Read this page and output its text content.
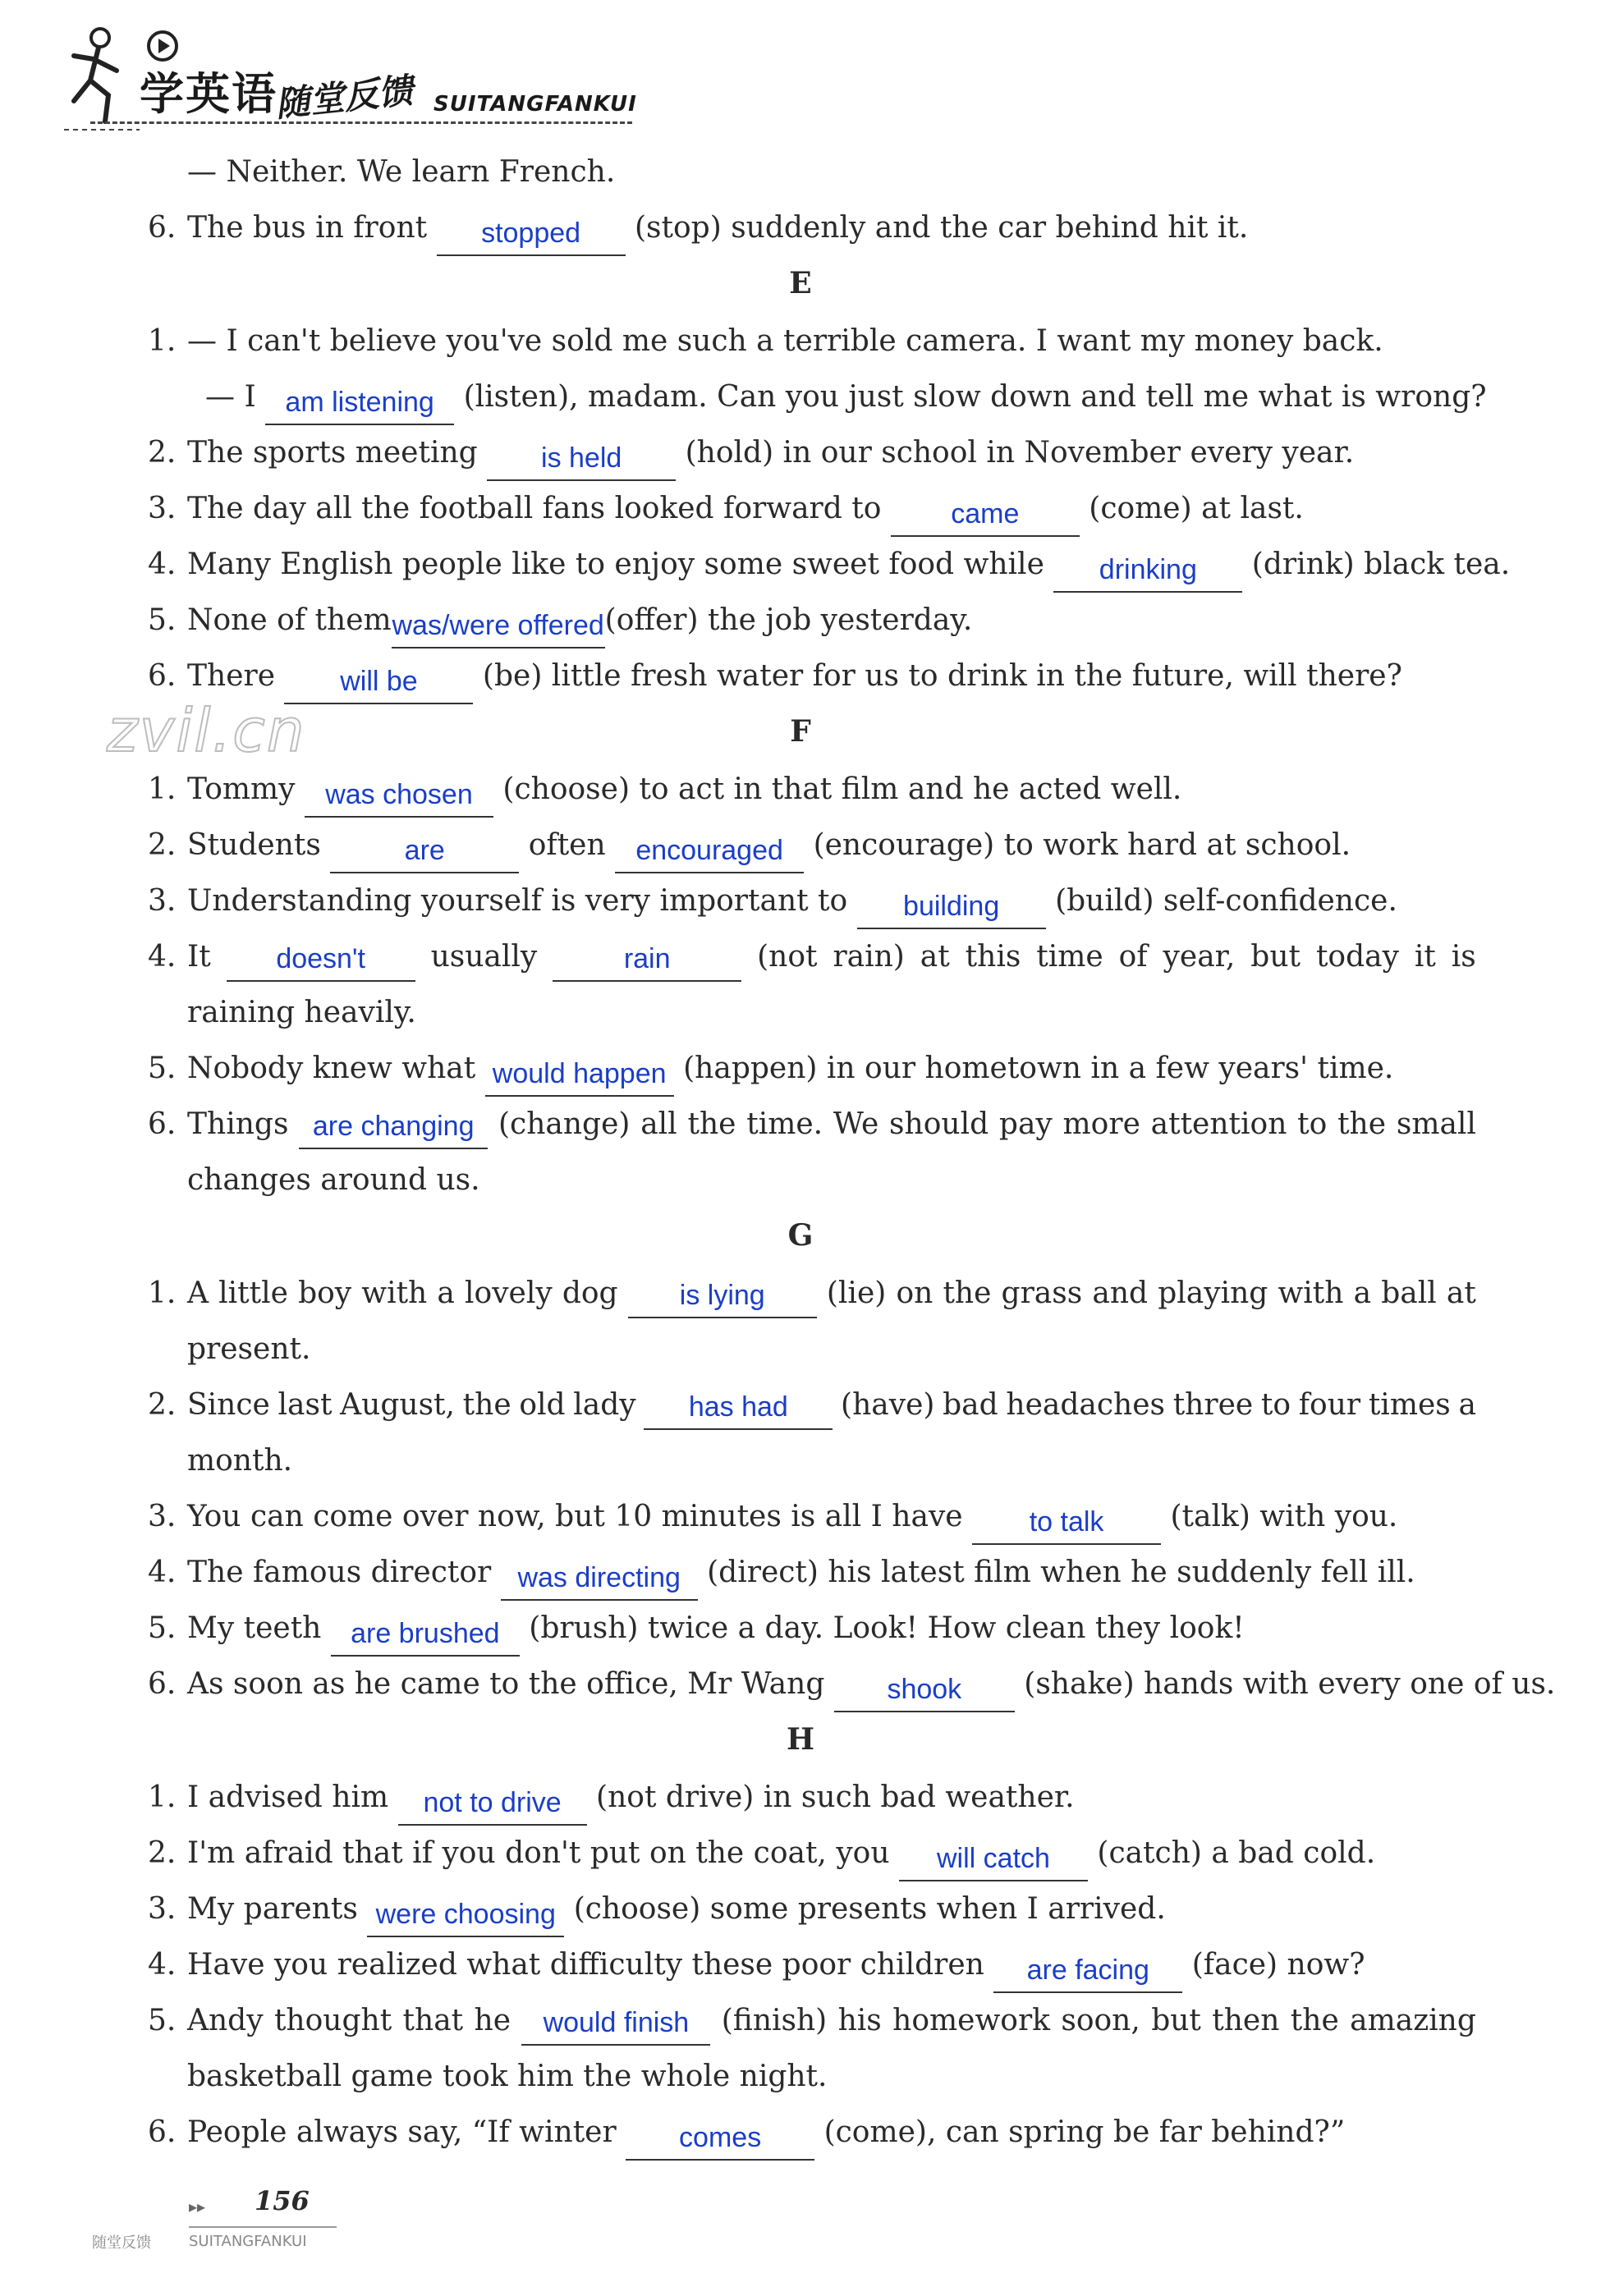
学英语
随堂反馈 SUITANGFANKUI
zvil.cn
— Neither. We learn French.
6. The bus in front stopped (stop) suddenly and the car behind hit it.
E
1. — I can't believe you've sold me such a terrible camera. I want my money back.
— I am listening (listen), madam. Can you just slow down and tell me what is wrong?
2. The sports meeting is held (hold) in our school in November every year.
3. The day all the football fans looked forward to came (come) at last.
4. Many English people like to enjoy some sweet food while drinking (drink) black tea.
5. None of themwas/were offered(offer) the job yesterday.
6. There will be (be) little fresh water for us to drink in the future, will there?
F
1. Tommy was chosen (choose) to act in that film and he acted well.
2. Students	are	often encouraged (encourage) to work hard at school.
3. Understanding yourself is very important to building (build) self-confidence.
4. It	doesn't	usually	rain	(not rain) at this time of year, but today it is
raining heavily.
5. Nobody knew what would happen (happen) in our hometown in a few years' time.
6. Things are changing (change) all the time. We should pay more attention to the small
changes around us.
G
1. A little boy with a lovely dog	is lying	(lie) on the grass and playing with a ball at
present.
2. Since last August, the old lady	has had	(have) bad headaches three to four times a
month.
3. You can come over now, but 10 minutes is all I have to talk (talk) with you.
4. The famous director was directing (direct) his latest film when he suddenly fell ill.
5. My teeth are brushed (brush) twice a day. Look! How clean they look!
6. As soon as he came to the office, Mr Wang shook (shake) hands with every one of us.
H
1. I advised him not to drive (not drive) in such bad weather.
2. I'm afraid that if you don't put on the coat, you will catch (catch) a bad cold.
3. My parents were choosing (choose) some presents when I arrived.
4. Have you realized what difficulty these poor children are facing (face) now?
5. Andy thought that he	would finish	(finish) his homework soon, but then the amazing
basketball game took him the whole night.
6. People always say, “If winter comes (come), can spring be far behind?”
▸▸ 156
随堂反馈	SUITANGFANKUI
